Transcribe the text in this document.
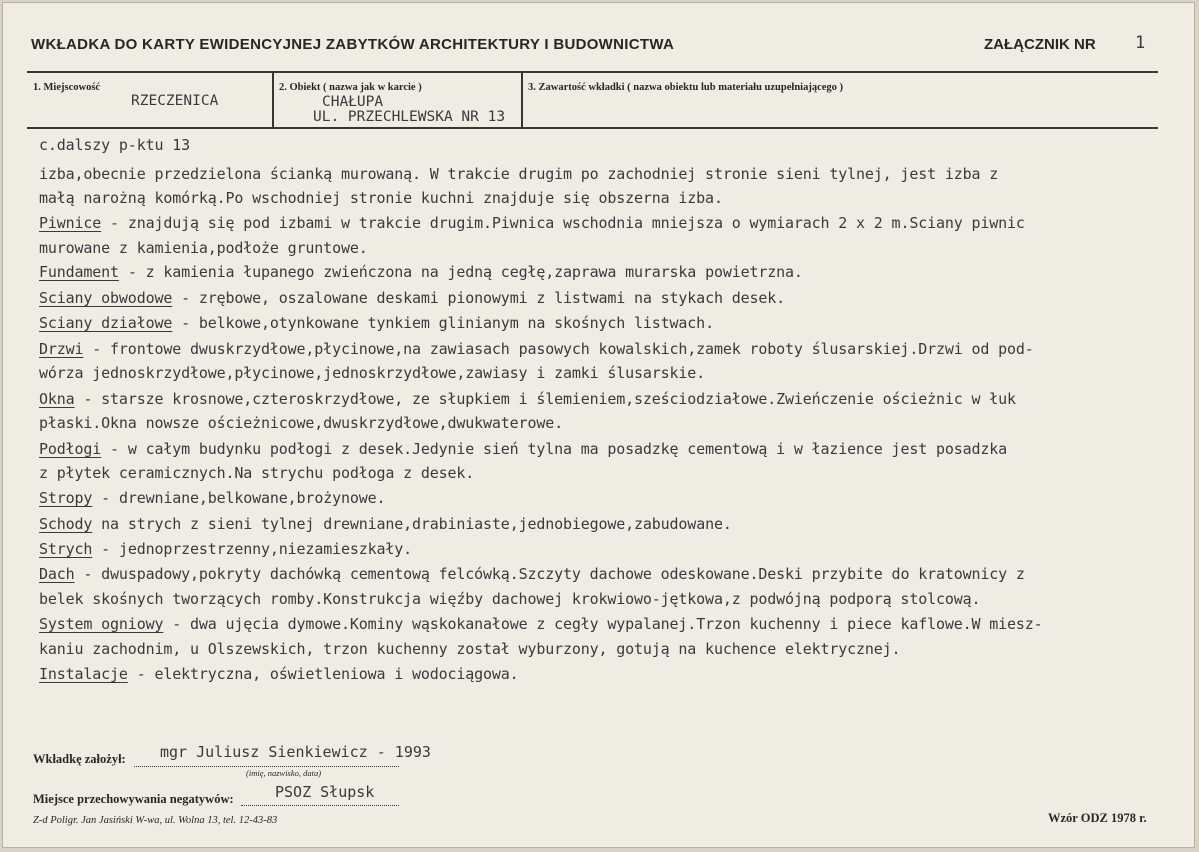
WKŁADKA DO KARTY EWIDENCYJNEJ ZABYTKÓW ARCHITEKTURY I BUDOWNICTWA	ZAŁĄCZNIK NR 1
1. Miejscowość
RZECZENICA
2. Obiekt ( nazwa jak w karcie )
CHAŁUPA
UL. PRZECHLEWSKA NR 13
3. Zawartość wkładki ( nazwa obiektu lub materiału uzupełniającego )
c.dalszy p-ktu 13
izba,obecnie przedzielona ścianką murowaną. W trakcie drugim po zachodniej stronie sieni tylnej, jest izba z
małą narożną komórką.Po wschodniej stronie kuchni znajduje się obszerna izba.
Piwnice - znajdują się pod izbami w trakcie drugim.Piwnica wschodnia mniejsza o wymiarach 2 x 2 m.Sciany piwnic
murowane z kamienia,podłoże gruntowe.
Fundament - z kamienia łupanego zwieńczona na jedną cegłę,zaprawa murarska powietrzna.
Sciany obwodowe - zrębowe, oszalowane deskami pionowymi z listwami na stykach desek.
Sciany działowe - belkowe,otynkowane tynkiem glinianym na skośnych listwach.
Drzwi - frontowe dwuskrzydłowe,płycinowe,na zawiasach pasowych kowalskich,zamek roboty ślusarskiej.Drzwi od pod-
wórza jednoskrzydłowe,płycinowe,jednoskrzydłowe,zawiasy i zamki ślusarskie.
Okna - starsze krosnowe,czteroskrzydłowe, ze słupkiem i ślemieniem,sześciodziałowe.Zwieńczenie ościeżnic w łuk
płaski.Okna nowsze ościeżnicowe,dwuskrzydłowe,dwukwaterowe.
Podłogi - w całym budynku podłogi z desek.Jedynie sień tylna ma posadzkę cementową i w łazience jest posadzka
z płytek ceramicznych.Na strychu podłoga z desek.
Stropy - drewniane,belkowane,brożynowe.
Schody na strych z sieni tylnej drewniane,drabiniaste,jednobiegowe,zabudowane.
Strych - jednoprzestrzenny,niezamieszkały.
Dach - dwuspadowy,pokryty dachówką cementową felcówką.Szczyty dachowe odeskowane.Deski przybite do kratownicy z
belek skośnych tworzących romby.Konstrukcja więźby dachowej krokwiowo-jętkowa,z podwójną podporą stolcową.
System ogniowy - dwa ujęcia dymowe.Kominy wąskokanałowe z cegły wypalanej.Trzon kuchenny i piece kaflowe.W miesz-
kaniu zachodnim, u Olszewskich, trzon kuchenny został wyburzony, gotują na kuchence elektrycznej.
Instalacje - elektryczna, oświetleniowa i wodociągowa.
Wkładkę założył: mgr Juliusz Sienkiewicz - 1993
(imię, nazwisko, data)
Miejsce przechowywania negatywów:	PSOZ Słupsk
Z-d Poligr. Jan Jasiński W-wa, ul. Wolna 13, tel. 12-43-83	Wzór ODZ 1978 r.
